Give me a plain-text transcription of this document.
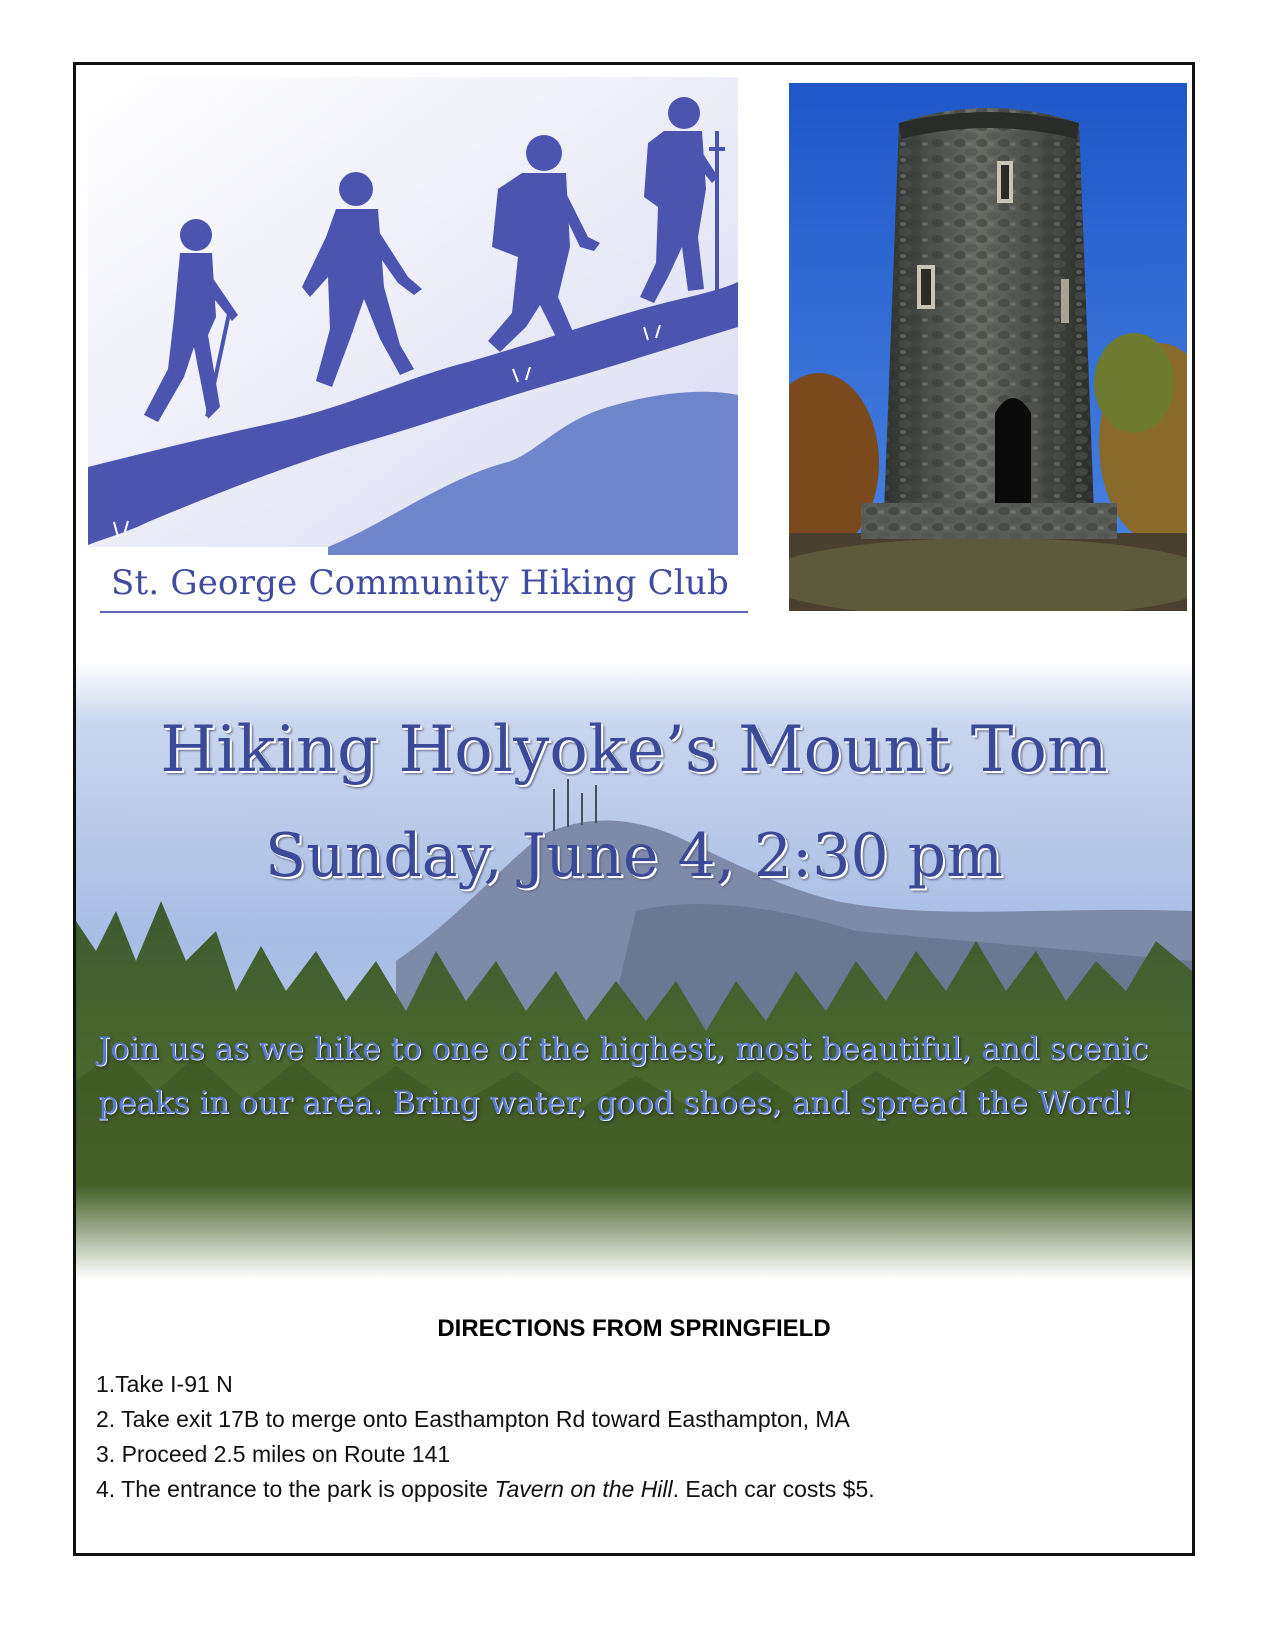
St. George Community Hiking Club
Hiking Holyoke’s Mount Tom
Sunday, June 4, 2:30 pm
Join us as we hike to one of the highest, most beautiful, and scenic
peaks in our area. Bring water, good shoes, and spread the Word!
DIRECTIONS FROM SPRINGFIELD
1.Take I-91 N
2. Take exit 17B to merge onto Easthampton Rd toward Easthampton, MA
3. Proceed 2.5 miles on Route 141
4. The entrance to the park is opposite Tavern on the Hill. Each car costs $5.
